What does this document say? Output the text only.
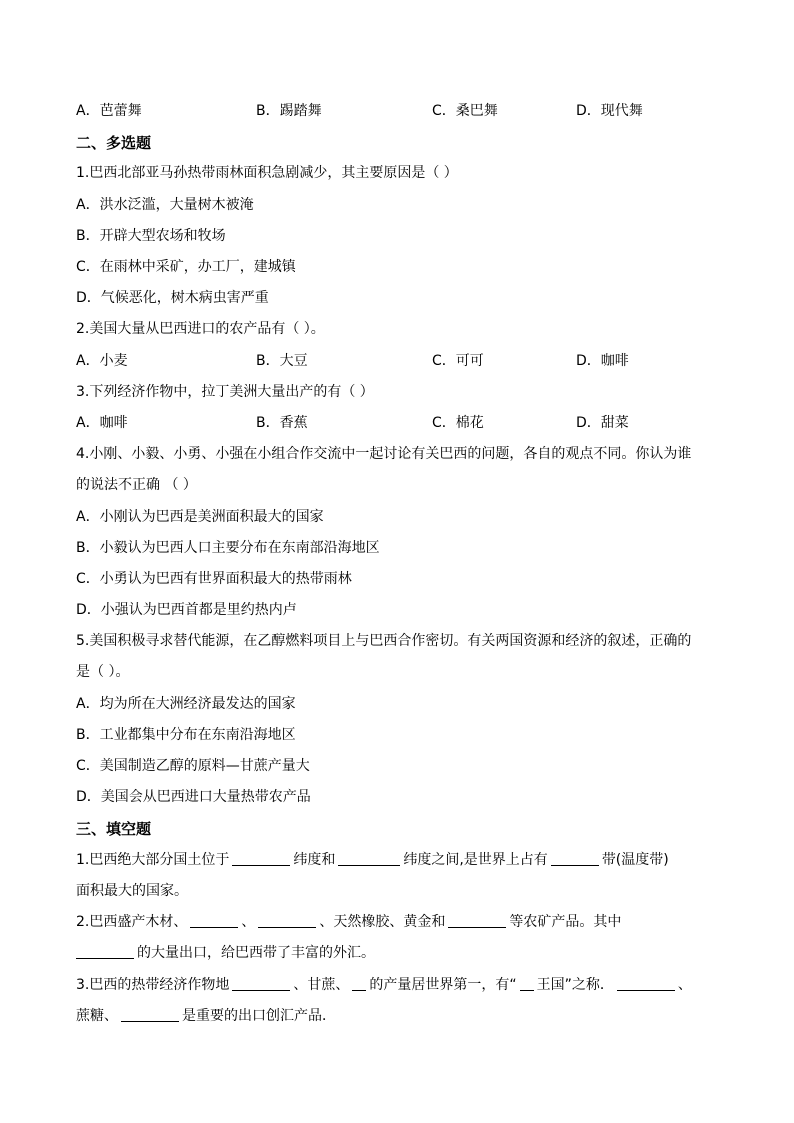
A．芭蕾舞	B．踢踏舞	C．桑巴舞	D．现代舞
二、多选题
1.巴西北部亚马孙热带雨林面积急剧减少，其主要原因是（ ）
A．洪水泛滥，大量树木被淹
B．开辟大型农场和牧场
C．在雨林中采矿，办工厂，建城镇
D．气候恶化，树木病虫害严重
2.美国大量从巴西进口的农产品有（ ）。
A．小麦	B．大豆	C．可可	D．咖啡
3.下列经济作物中，拉丁美洲大量出产的有（ ）
A．咖啡	B．香蕉	C．棉花	D．甜菜
4.小刚、小毅、小勇、小强在小组合作交流中一起讨论有关巴西的问题，各自的观点不同。你认为谁
的说法不正确 （ ）
A．小刚认为巴西是美洲面积最大的国家
B．小毅认为巴西人口主要分布在东南部沿海地区
C．小勇认为巴西有世界面积最大的热带雨林
D．小强认为巴西首都是里约热内卢
5.美国积极寻求替代能源，在乙醇燃料项目上与巴西合作密切。有关两国资源和经济的叙述，正确的
是（ ）。
A．均为所在大洲经济最发达的国家
B．工业都集中分布在东南沿海地区
C．美国制造乙醇的原料—甘蔗产量大
D．美国会从巴西进口大量热带农产品
三、填空题
1.巴西绝大部分国土位于	纬度和	纬度之间,是世界上占有	带(温度带)
面积最大的国家。
2.巴西盛产木材、	、	、天然橡胶、黄金和	等农矿产品。其中
的大量出口，给巴西带了丰富的外汇。
3.巴西的热带经济作物地	、甘蔗、 的产量居世界第一，有“ 王国”之称．	、
蔗糖、	是重要的出口创汇产品．
